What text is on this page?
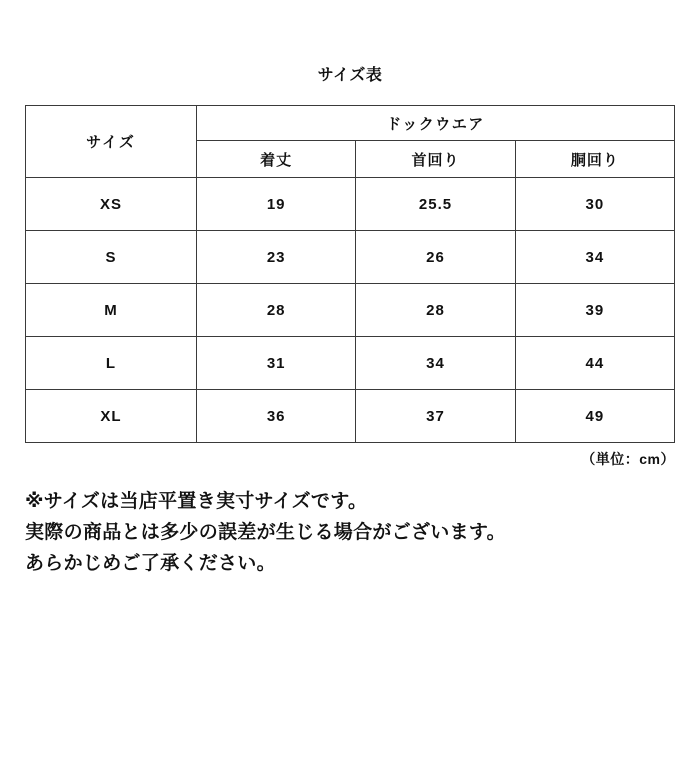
サイズ表
サイズ	ドックウエア		
	着丈	首回り	胴回り
XS	19	25.5	30
S	23	26	34
M	28	28	39
L	31	34	44
XL	36	37	49
（単位：cm）
※サイズは当店平置き実寸サイズです。
実際の商品とは多少の誤差が生じる場合がございます。
あらかじめご了承ください。
